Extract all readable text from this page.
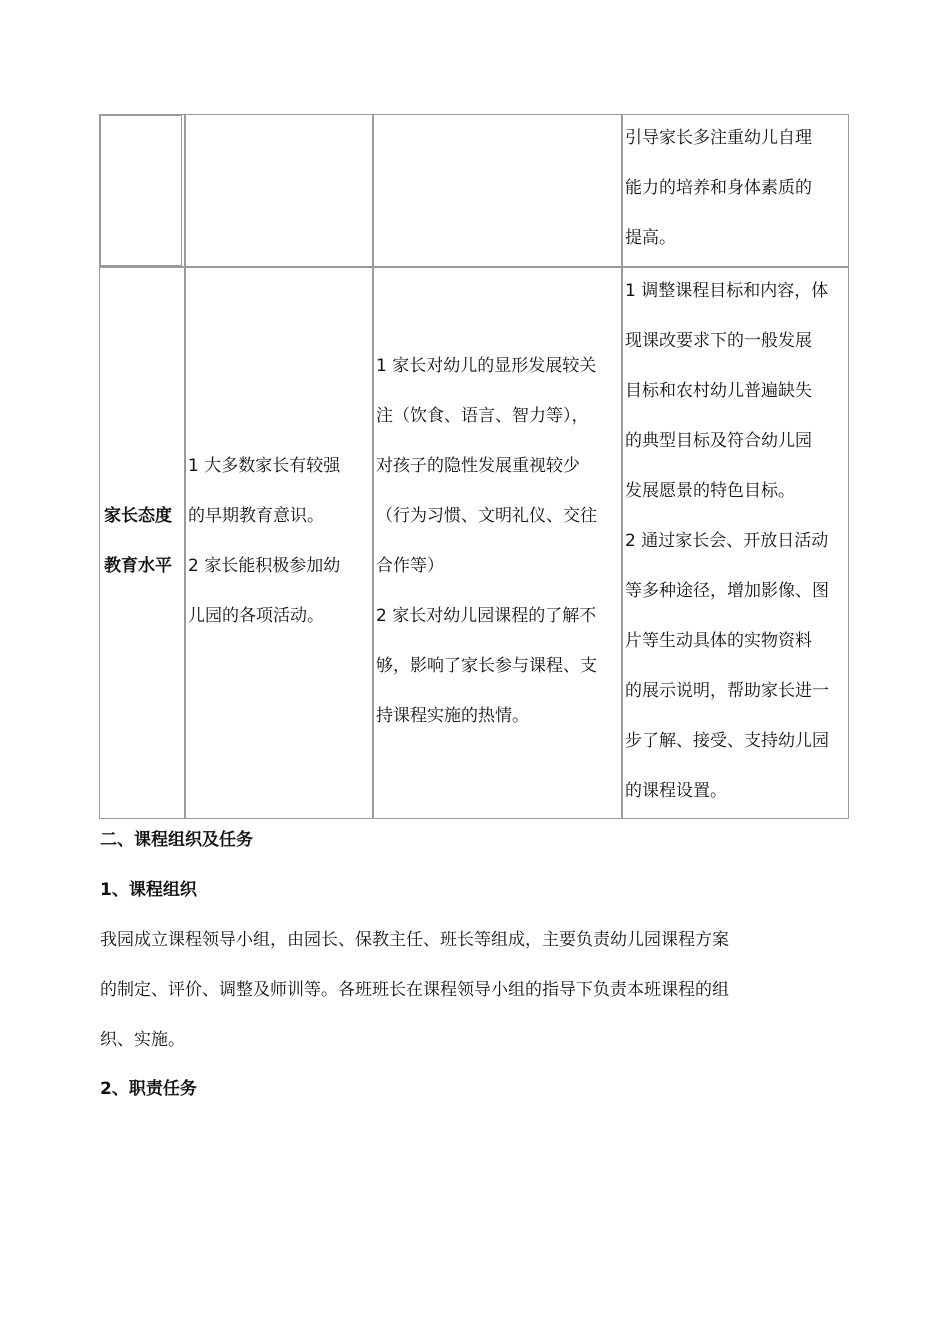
引导家长多注重幼儿自理
能力的培养和身体素质的
提高。
家长态度
教育水平
1 大多数家长有较强
的早期教育意识。
2 家长能积极参加幼
儿园的各项活动。
1 家长对幼儿的显形发展较关
注（饮食、语言、智力等），
对孩子的隐性发展重视较少
（行为习惯、文明礼仪、交往
合作等）
2 家长对幼儿园课程的了解不
够，影响了家长参与课程、支
持课程实施的热情。
1 调整课程目标和内容，体
现课改要求下的一般发展
目标和农村幼儿普遍缺失
的典型目标及符合幼儿园
发展愿景的特色目标。
2 通过家长会、开放日活动
等多种途径，增加影像、图
片等生动具体的实物资料
的展示说明，帮助家长进一
步了解、接受、支持幼儿园
的课程设置。
二、课程组织及任务
1、课程组织
我园成立课程领导小组，由园长、保教主任、班长等组成，主要负责幼儿园课程方案
的制定、评价、调整及师训等。各班班长在课程领导小组的指导下负责本班课程的组
织、实施。
2、职责任务
